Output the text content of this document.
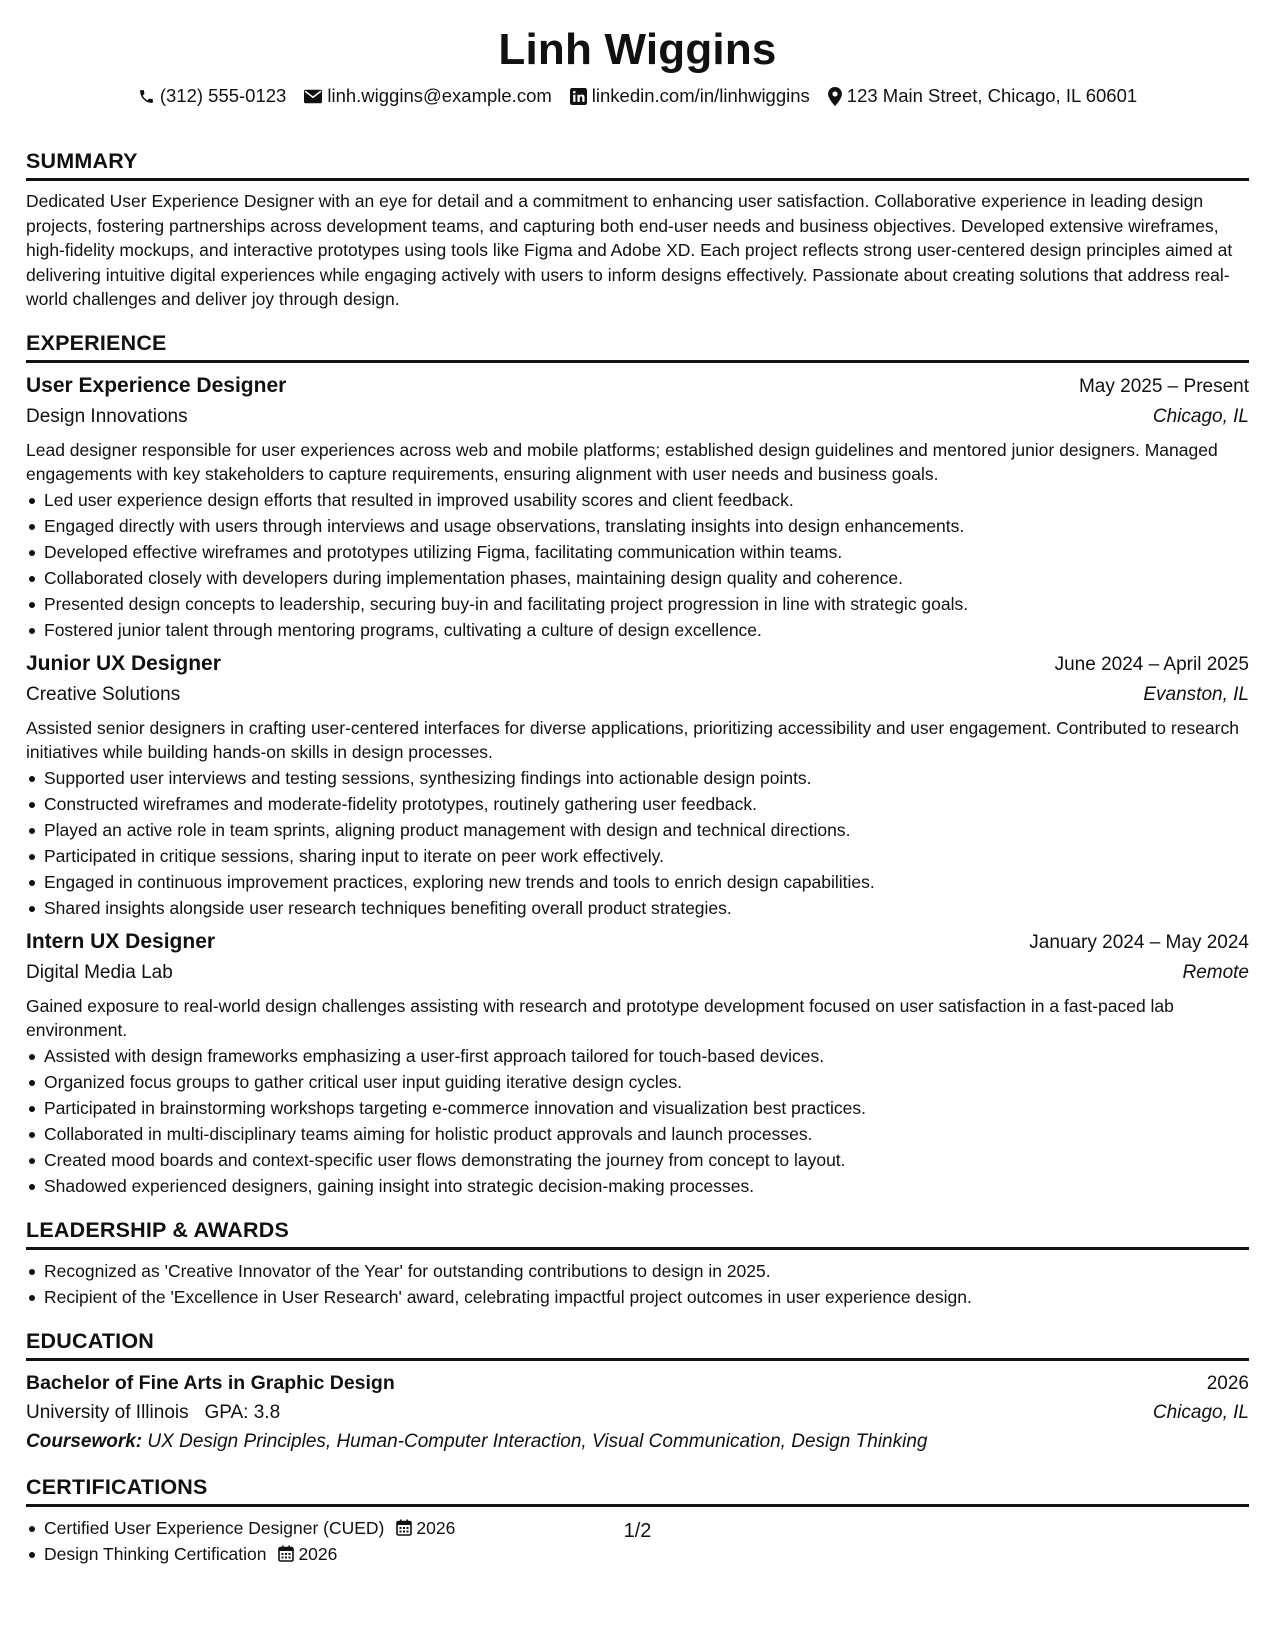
Linh Wiggins
(312) 555-0123 linh.wiggins@example.com linkedin.com/in/linhwiggins 123 Main Street, Chicago, IL 60601
SUMMARY
Dedicated User Experience Designer with an eye for detail and a commitment to enhancing user satisfaction. Collaborative experience in leading design projects, fostering partnerships across development teams, and capturing both end-user needs and business objectives. Developed extensive wireframes, high-fidelity mockups, and interactive prototypes using tools like Figma and Adobe XD. Each project reflects strong user-centered design principles aimed at delivering intuitive digital experiences while engaging actively with users to inform designs effectively. Passionate about creating solutions that address real-world challenges and deliver joy through design.
EXPERIENCE
User Experience Designer	May 2025 – Present
Design Innovations	Chicago, IL
Lead designer responsible for user experiences across web and mobile platforms; established design guidelines and mentored junior designers. Managed engagements with key stakeholders to capture requirements, ensuring alignment with user needs and business goals.
Led user experience design efforts that resulted in improved usability scores and client feedback.
Engaged directly with users through interviews and usage observations, translating insights into design enhancements.
Developed effective wireframes and prototypes utilizing Figma, facilitating communication within teams.
Collaborated closely with developers during implementation phases, maintaining design quality and coherence.
Presented design concepts to leadership, securing buy-in and facilitating project progression in line with strategic goals.
Fostered junior talent through mentoring programs, cultivating a culture of design excellence.
Junior UX Designer	June 2024 – April 2025
Creative Solutions	Evanston, IL
Assisted senior designers in crafting user-centered interfaces for diverse applications, prioritizing accessibility and user engagement. Contributed to research initiatives while building hands-on skills in design processes.
Supported user interviews and testing sessions, synthesizing findings into actionable design points.
Constructed wireframes and moderate-fidelity prototypes, routinely gathering user feedback.
Played an active role in team sprints, aligning product management with design and technical directions.
Participated in critique sessions, sharing input to iterate on peer work effectively.
Engaged in continuous improvement practices, exploring new trends and tools to enrich design capabilities.
Shared insights alongside user research techniques benefiting overall product strategies.
Intern UX Designer	January 2024 – May 2024
Digital Media Lab	Remote
Gained exposure to real-world design challenges assisting with research and prototype development focused on user satisfaction in a fast-paced lab environment.
Assisted with design frameworks emphasizing a user-first approach tailored for touch-based devices.
Organized focus groups to gather critical user input guiding iterative design cycles.
Participated in brainstorming workshops targeting e-commerce innovation and visualization best practices.
Collaborated in multi-disciplinary teams aiming for holistic product approvals and launch processes.
Created mood boards and context-specific user flows demonstrating the journey from concept to layout.
Shadowed experienced designers, gaining insight into strategic decision-making processes.
LEADERSHIP & AWARDS
Recognized as 'Creative Innovator of the Year' for outstanding contributions to design in 2025.
Recipient of the 'Excellence in User Research' award, celebrating impactful project outcomes in user experience design.
EDUCATION
Bachelor of Fine Arts in Graphic Design	2026
University of Illinois GPA: 3.8	Chicago, IL
Coursework: UX Design Principles, Human-Computer Interaction, Visual Communication, Design Thinking
CERTIFICATIONS
Certified User Experience Designer (CUED) 2026
Design Thinking Certification 2026
1/2
